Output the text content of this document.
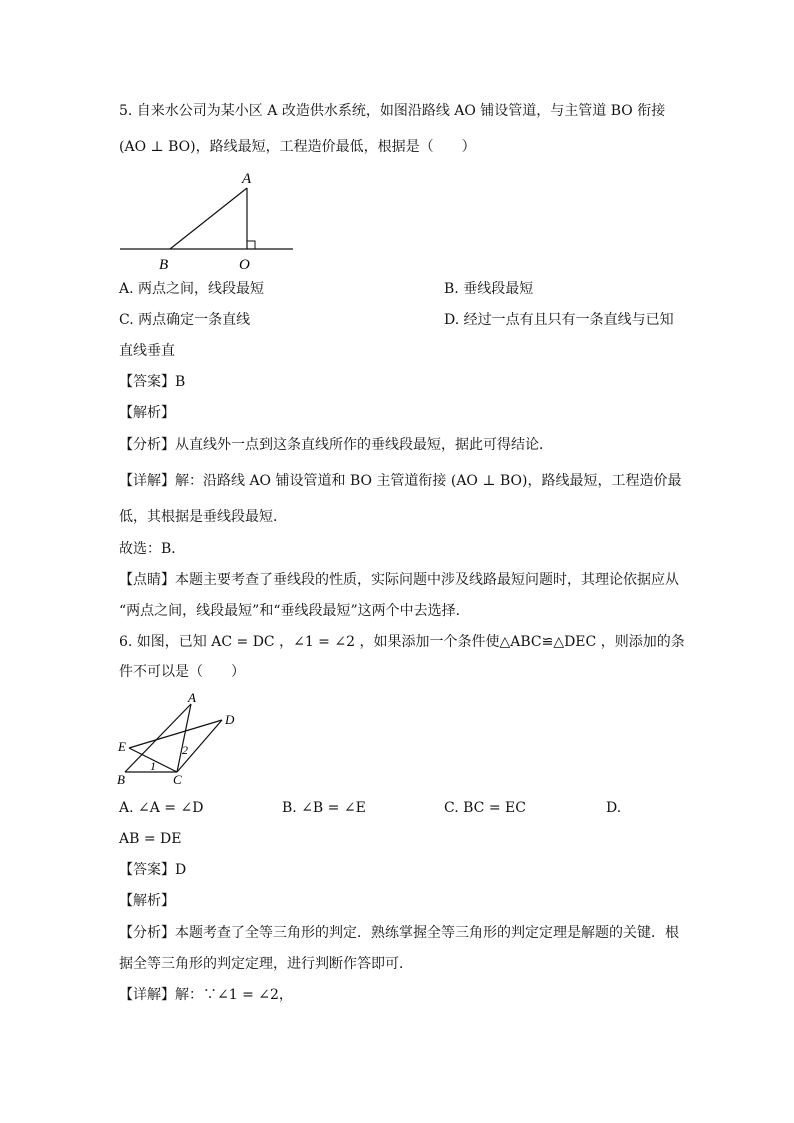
5. 自来水公司为某小区 A 改造供水系统，如图沿路线 AO 铺设管道，与主管道 BO 衔接
(AO ⊥ BO)，路线最短，工程造价最低，根据是（　　）
A
B	O
A. 两点之间，线段最短	B. 垂线段最短
C. 两点确定一条直线	D. 经过一点有且只有一条直线与已知
直线垂直
【答案】B
【解析】
【分析】从直线外一点到这条直线所作的垂线段最短，据此可得结论．
【详解】解：沿路线 AO 铺设管道和 BO 主管道衔接 (AO ⊥ BO)，路线最短，工程造价最
低，其根据是垂线段最短．
故选：B．
【点睛】本题主要考查了垂线段的性质，实际问题中涉及线路最短问题时，其理论依据应从
“两点之间，线段最短”和“垂线段最短”这两个中去选择．
6. 如图，已知 AC = DC ，∠1 = ∠2 ，如果添加一个条件使△ABC≌△DEC ，则添加的条
件不可以是（　　）
A
B	C
D
E
1
2
A. ∠A = ∠D	B. ∠B = ∠E	C. BC = EC	D.
AB = DE
【答案】D
【解析】
【分析】本题考查了全等三角形的判定．熟练掌握全等三角形的判定定理是解题的关键．根
据全等三角形的判定定理，进行判断作答即可．
【详解】解：∵∠1 = ∠2，
